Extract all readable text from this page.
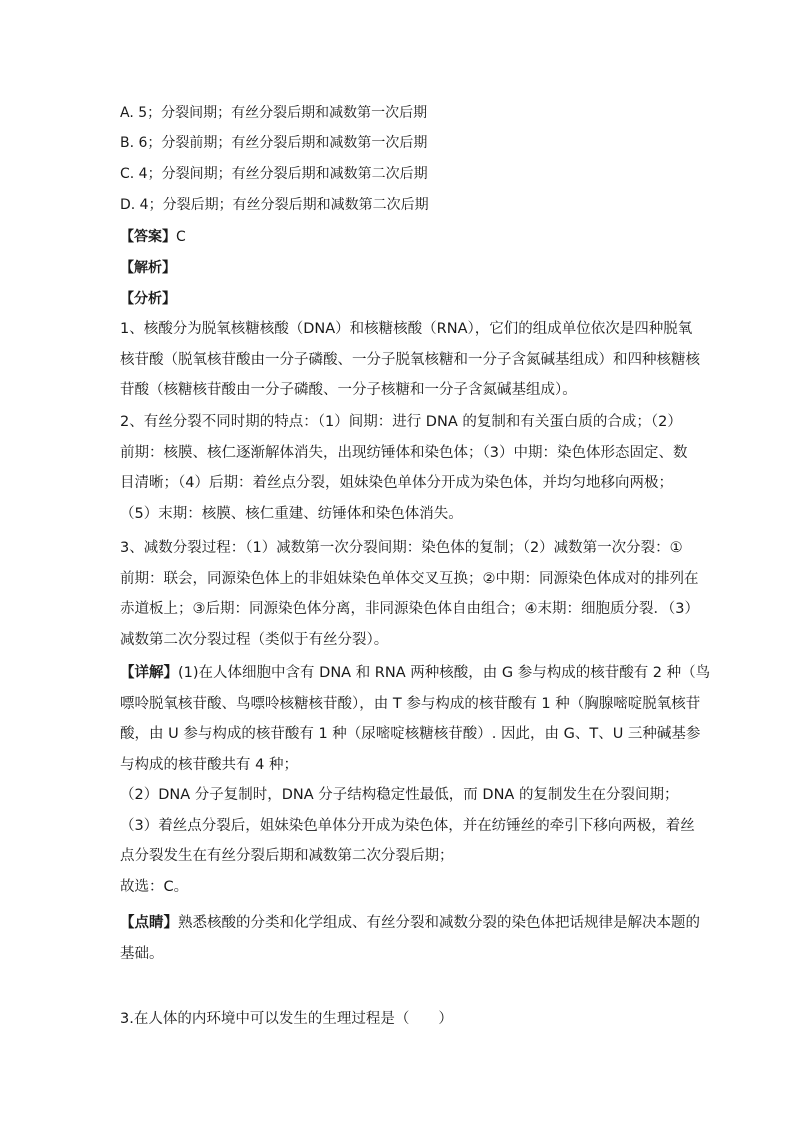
A. 5；分裂间期；有丝分裂后期和减数第一次后期
B. 6；分裂前期；有丝分裂后期和减数第一次后期
C. 4；分裂间期；有丝分裂后期和减数第二次后期
D. 4；分裂后期；有丝分裂后期和减数第二次后期
【答案】C
【解析】
【分析】
1、核酸分为脱氧核糖核酸（DNA）和核糖核酸（RNA），它们的组成单位依次是四种脱氧
核苷酸（脱氧核苷酸由一分子磷酸、一分子脱氧核糖和一分子含氮碱基组成）和四种核糖核
苷酸（核糖核苷酸由一分子磷酸、一分子核糖和一分子含氮碱基组成）。
2、有丝分裂不同时期的特点：（1）间期：进行 DNA 的复制和有关蛋白质的合成；（2）
前期：核膜、核仁逐渐解体消失，出现纺锤体和染色体；（3）中期：染色体形态固定、数
目清晰；（4）后期：着丝点分裂，姐妹染色单体分开成为染色体，并均匀地移向两极；
（5）末期：核膜、核仁重建、纺锤体和染色体消失。
3、减数分裂过程：（1）减数第一次分裂间期：染色体的复制；（2）减数第一次分裂：①
前期：联会，同源染色体上的非姐妹染色单体交叉互换；②中期：同源染色体成对的排列在
赤道板上；③后期：同源染色体分离，非同源染色体自由组合；④末期：细胞质分裂．（3）
减数第二次分裂过程（类似于有丝分裂）。
【详解】(1)在人体细胞中含有 DNA 和 RNA 两种核酸，由 G 参与构成的核苷酸有 2 种（鸟
嘌呤脱氧核苷酸、鸟嘌呤核糖核苷酸），由 T 参与构成的核苷酸有 1 种（胸腺嘧啶脱氧核苷
酸，由 U 参与构成的核苷酸有 1 种（尿嘧啶核糖核苷酸）. 因此，由 G、T、U 三种碱基参
与构成的核苷酸共有 4 种；
（2）DNA 分子复制时，DNA 分子结构稳定性最低，而 DNA 的复制发生在分裂间期；
（3）着丝点分裂后，姐妹染色单体分开成为染色体，并在纺锤丝的牵引下移向两极，着丝
点分裂发生在有丝分裂后期和减数第二次分裂后期；
故选：C。
【点睛】熟悉核酸的分类和化学组成、有丝分裂和减数分裂的染色体把话规律是解决本题的
基础。
3.在人体的内环境中可以发生的生理过程是（　　）
